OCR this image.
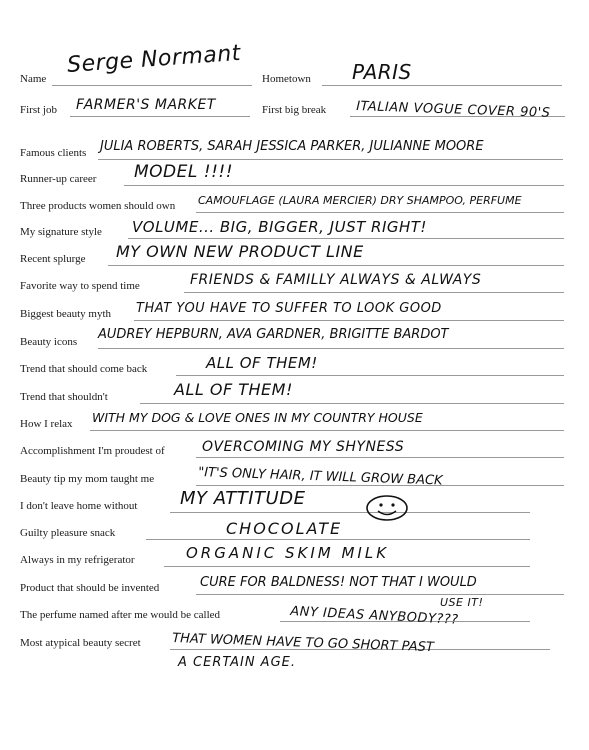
Name
Serge Normant
Hometown PARIS
First job FARMER'S MARKET	First big break ITALIAN VOGUE COVER 90'S
Famous clients JULIA ROBERTS, SARAH JESSICA PARKER, JULIANNE MOORE
Runner-up career MODEL !!!!
Three products women should own CAMOUFLAGE (LAURA MERCIER) DRY SHAMPOO, PERFUME
My signature style VOLUME... BIG, BIGGER, JUST RIGHT!
Recent splurge MY OWN NEW PRODUCT LINE
Favorite way to spend time	FRIENDS & FAMILLY ALWAYS & ALWAYS
Biggest beauty myth THAT YOU HAVE TO SUFFER TO LOOK GOOD
Beauty icons AUDREY HEPBURN, AVA GARDNER, BRIGITTE BARDOT
Trend that should come back	ALL OF THEM!
Trend that shouldn't	ALL OF THEM!
How I relax WITH MY DOG & LOVE ONES IN MY COUNTRY HOUSE
Accomplishment I'm proudest of	OVERCOMING MY SHYNESS
Beauty tip my mom taught me	"IT'S ONLY HAIR, IT WILL GROW BACK
I don't leave home without MY ATTITUDE
Guilty pleasure snack	CHOCOLATE
Always in my refrigerator	ORGANIC SKIM MILK
Product that should be invented	CURE FOR BALDNESS! NOT THAT I WOULD
USE IT!
The perfume named after me would be called	ANY IDEAS ANYBODY???
Most atypical beauty secret THAT WOMEN HAVE TO GO SHORT PAST
A CERTAIN AGE.
